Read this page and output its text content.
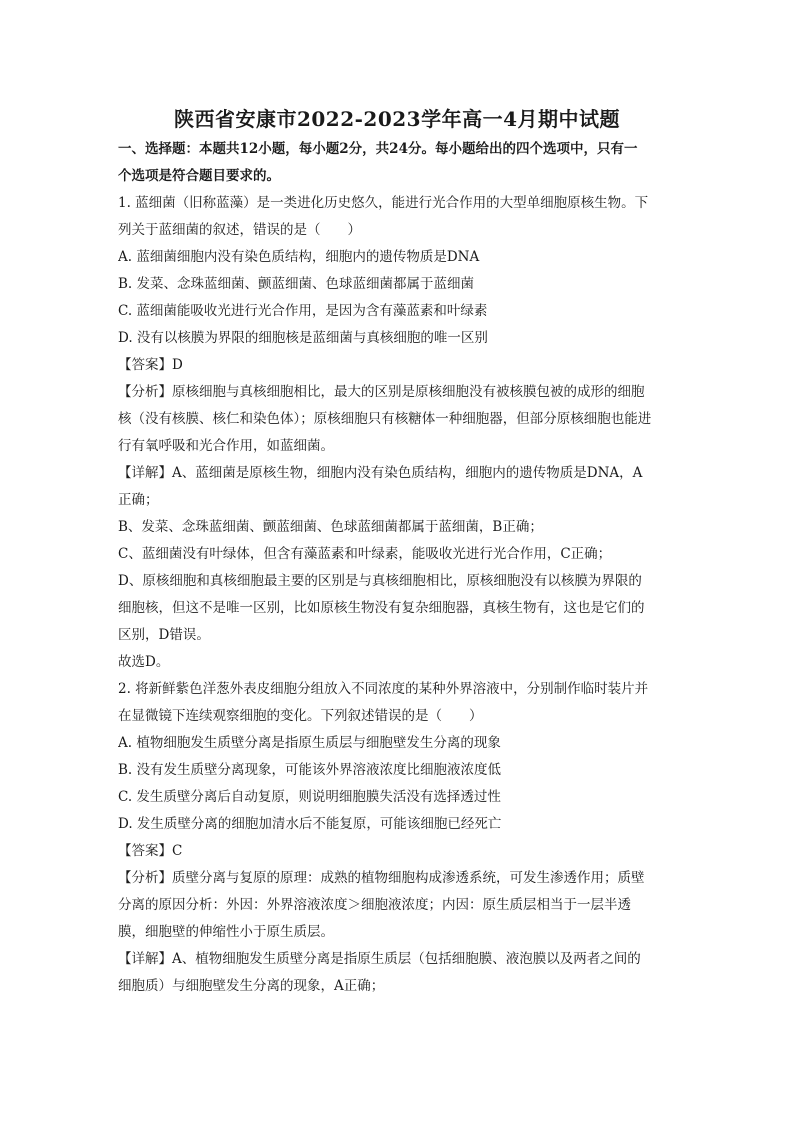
陕西省安康市2022-2023学年高一4月期中试题
一、选择题：本题共12小题，每小题2分，共24分。每小题给出的四个选项中，只有一
个选项是符合题目要求的。
1. 蓝细菌（旧称蓝藻）是一类进化历史悠久，能进行光合作用的大型单细胞原核生物。下
列关于蓝细菌的叙述，错误的是（　　）
A. 蓝细菌细胞内没有染色质结构，细胞内的遗传物质是DNA
B. 发菜、念珠蓝细菌、颤蓝细菌、色球蓝细菌都属于蓝细菌
C. 蓝细菌能吸收光进行光合作用，是因为含有藻蓝素和叶绿素
D. 没有以核膜为界限的细胞核是蓝细菌与真核细胞的唯一区别
【答案】D
【分析】原核细胞与真核细胞相比，最大的区别是原核细胞没有被核膜包被的成形的细胞
核（没有核膜、核仁和染色体）；原核细胞只有核糖体一种细胞器，但部分原核细胞也能进
行有氧呼吸和光合作用，如蓝细菌。
【详解】A、蓝细菌是原核生物，细胞内没有染色质结构，细胞内的遗传物质是DNA，A
正确；
B、发菜、念珠蓝细菌、颤蓝细菌、色球蓝细菌都属于蓝细菌，B正确；
C、蓝细菌没有叶绿体，但含有藻蓝素和叶绿素，能吸收光进行光合作用，C正确；
D、原核细胞和真核细胞最主要的区别是与真核细胞相比，原核细胞没有以核膜为界限的
细胞核，但这不是唯一区别，比如原核生物没有复杂细胞器，真核生物有，这也是它们的
区别，D错误。
故选D。
2. 将新鲜紫色洋葱外表皮细胞分组放入不同浓度的某种外界溶液中，分别制作临时装片并
在显微镜下连续观察细胞的变化。下列叙述错误的是（　　）
A. 植物细胞发生质壁分离是指原生质层与细胞壁发生分离的现象
B. 没有发生质壁分离现象，可能该外界溶液浓度比细胞液浓度低
C. 发生质壁分离后自动复原，则说明细胞膜失活没有选择透过性
D. 发生质壁分离的细胞加清水后不能复原，可能该细胞已经死亡
【答案】C
【分析】质壁分离与复原的原理：成熟的植物细胞构成渗透系统，可发生渗透作用；质壁
分离的原因分析：外因：外界溶液浓度＞细胞液浓度；内因：原生质层相当于一层半透
膜，细胞壁的伸缩性小于原生质层。
【详解】A、植物细胞发生质壁分离是指原生质层（包括细胞膜、液泡膜以及两者之间的
细胞质）与细胞壁发生分离的现象，A正确；
